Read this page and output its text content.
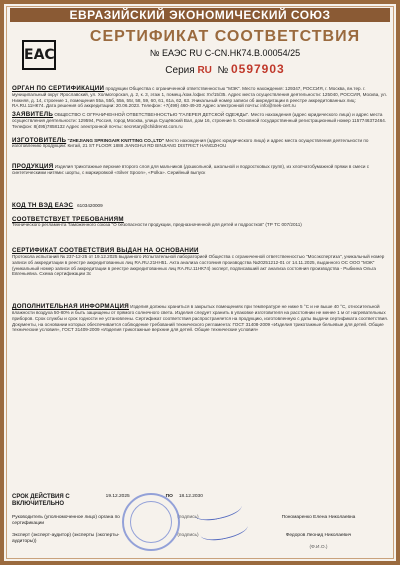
ЕВРАЗИЙСКИЙ ЭКОНОМИЧЕСКИЙ СОЮЗ
EAC
СЕРТИФИКАТ СООТВЕТСТВИЯ
№ ЕАЭС RU C-CN.НК74.В.00054/25
Серия RU № 0597903
ОРГАН ПО СЕРТИФИКАЦИИ продукции Общества с ограниченной ответственностью "МЭК". Место нахождения: 129347, РОССИЯ, г. Москва, вн.тер. г. муниципальный округ Ярославский, ул. Холмогорская, д. 2, к. 3, этаж 1, помещ./ком./офис XV/15/35. Адрес места осуществления деятельности: 125040, РОССИЯ, Москва, ул. Нижняя, д. 14, строение 1, помещения 55а, 55б, 55в, 55г, 58, 59, 60, 61, 61а, 62, 63. Уникальный номер записи об аккредитации в реестре аккредитованных лиц: RA.RU.11НК74. Дата решения об аккредитации: 20.06.2023. Телефон: +7(499) 460-49-20 Адрес электронной почты: info@mek-cert.ru
ЗАЯВИТЕЛЬ ОБЩЕСТВО С ОГРАНИЧЕННОЙ ОТВЕТСТВЕННОСТЬЮ "ГАЛЕРЕЯ ДЕТСКОЙ ОДЕЖДЫ". Место нахождения (адрес юридического лица) и адрес места осуществления деятельности: 129594, Россия, город Москва, улица Сущёвский Вал, дом 16, строение 5. Основной государственный регистрационный номер 1157746372464. Телефон: 8(495)7858132 Адрес электронной почты: secretary@childrenst.com.ru
ИЗГОТОВИТЕЛЬ "ZHEJIANG SPRINGAIR KNITTING CO.,LTD" Место нахождения (адрес юридического лица) и адрес места осуществления деятельности по изготовлению продукции: Китай, 21 ST FLOOR 1888 JIANGHUI RD BINJIANG DISTRICT HANGZHOU
ПРОДУКЦИЯ Изделия трикотажные верхние второго слоя для мальчиков (дошкольной, школьной и подростковых групп), из хлопчатобумажной пряжи в смеси с синтетическими нитями: шорты, с маркировкой «Silver Spoon», «Polka». Серийный выпуск
КОД ТН ВЭД ЕАЭС 6103420009
СООТВЕТСТВУЕТ ТРЕБОВАНИЯМ
Технического регламента Таможенного союза "О безопасности продукции, предназначенной для детей и подростков" (ТР ТС 007/2011)
СЕРТИФИКАТ СООТВЕТСТВИЯ ВЫДАН НА ОСНОВАНИИ
Протокола испытаний № 237-12-25 от 19.12.2025 выданного Испытательной лабораторией Общества с ограниченной ответственностью "Мосэкспертиза", уникальный номер записи об аккредитации в реестре аккредитованных лиц RA.RU.21НН51. Акта анализа состояния производства №20251212-01 от 14.11.2025, выданного ОС ООО "МЭК" (уникальный номер записи об аккредитации в реестре аккредитованных лиц RA.RU.11НК74) эксперт, подписавший акт анализа состояния производства - Рыбкина Ольга Евгеньевна. Схема сертификации 3с
ДОПОЛНИТЕЛЬНАЯ ИНФОРМАЦИЯ Изделия должны храниться в закрытых помещениях при температуре не ниже 5 °С и не выше 40 °С, относительной влажности воздуха 50-80% и быть защищены от прямого солнечного света. Изделия следует хранить в упаковке изготовителя на расстоянии не менее 1 м от нагревательных приборов. Срок службы и срок годности не установлены. Сертификат соответствия распространяется на продукцию, изготовленную с даты выдачи сертификата соответствия. Документы, на основании которых обеспечивается соблюдение требований технического регламента: ГОСТ 31408-2009 «Изделия трикотажные бельевые для детей. Общие технические условия», ГОСТ 31409-2009 «Изделия трикотажные верхние для детей. Общие технические условия»
СРОК ДЕЙСТВИЯ С	19.12.2025	ПО 18.12.2030
ВКЛЮЧИТЕЛЬНО
Руководитель (уполномоченное лицо) органа по сертификации
(подпись)	Пономаренко Елена Николаевна
Эксперт (эксперт-аудитор) (эксперты (эксперты-аудиторы))
(подпись)	Федоров Леонид Николаевич
(Ф.И.О.)
